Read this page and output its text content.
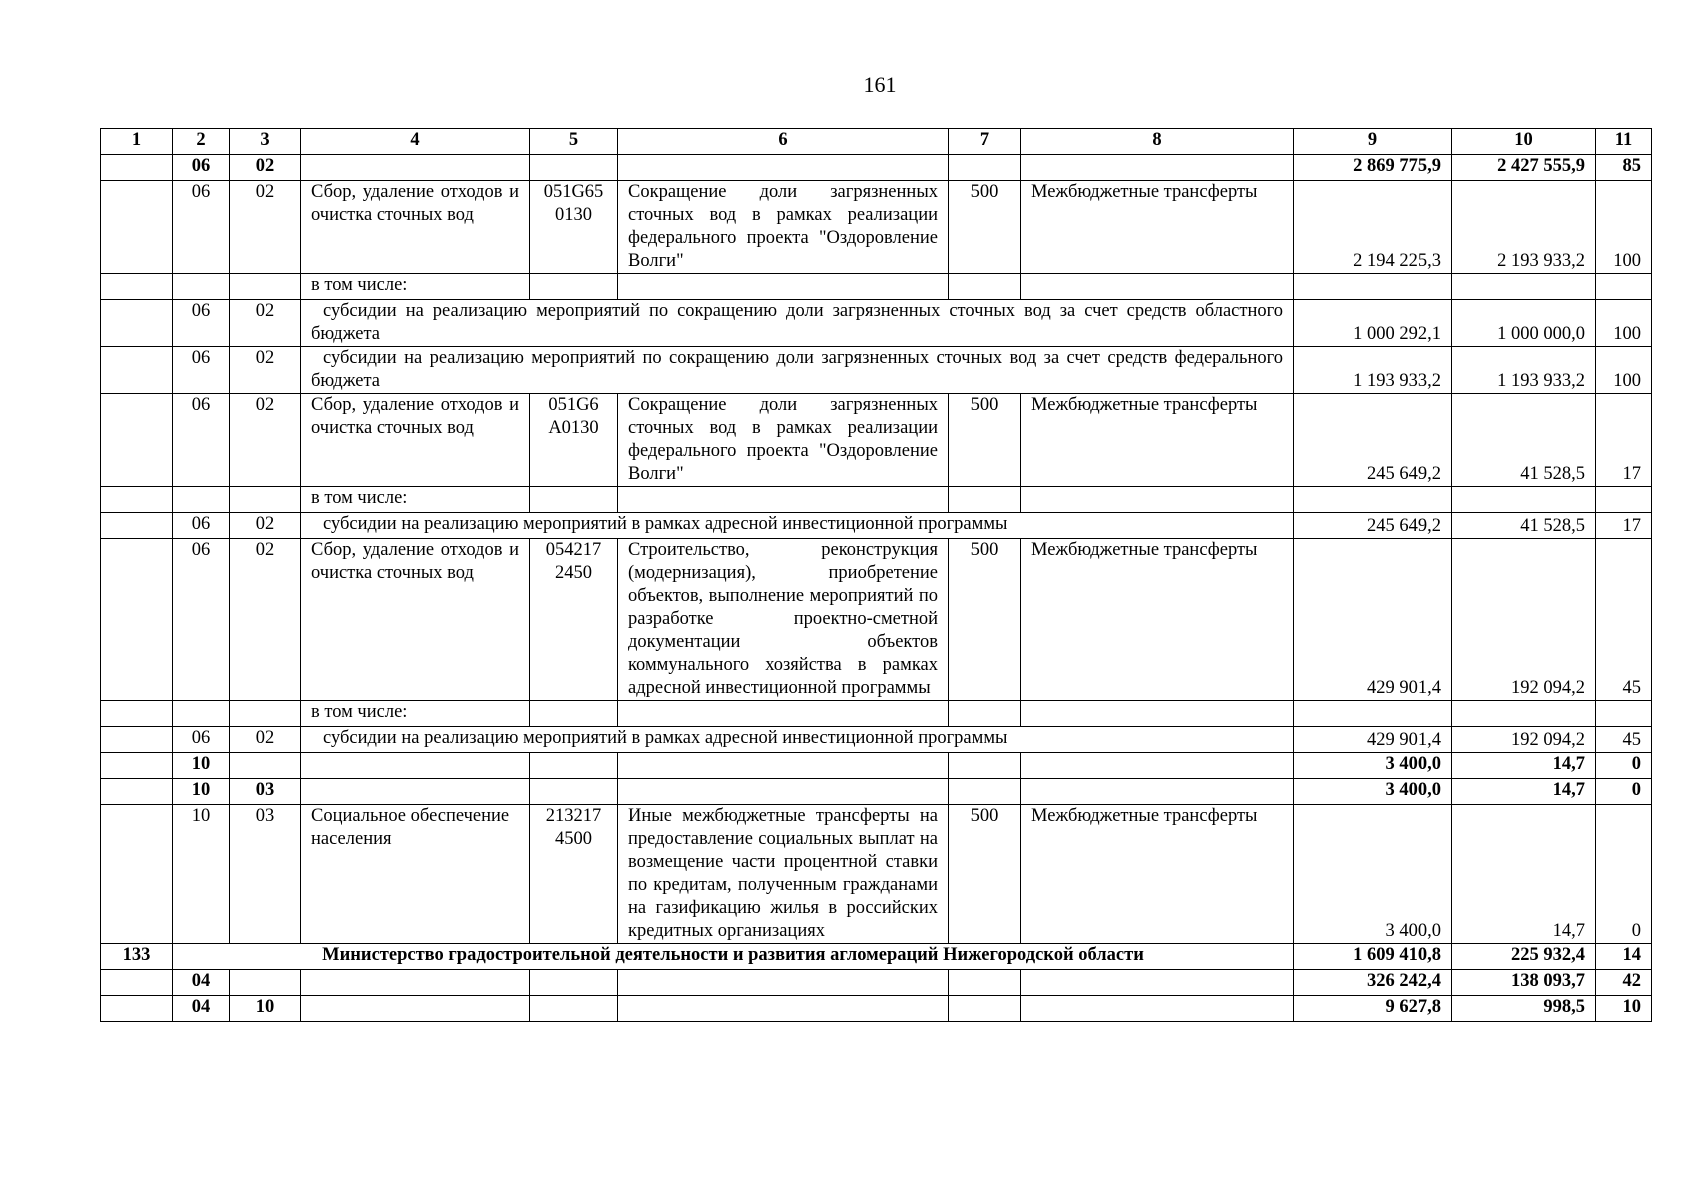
161
1	2	3	4	5	6	7	8	9	10	11
	06	02						2 869 775,9	2 427 555,9	85
	06	02	Сбор, удаление отходов и очистка сточных вод	051G65 0130	Сокращение доли загрязненных сточных вод в рамках реализации федерального проекта "Оздоровление Волги"	500	Межбюджетные трансферты	2 194 225,3	2 193 933,2	100
			в том числе:							
	06	02	субсидии на реализацию мероприятий по сокращению доли загрязненных сточных вод за счет средств областного бюджета					1 000 292,1	1 000 000,0	100
	06	02	субсидии на реализацию мероприятий по сокращению доли загрязненных сточных вод за счет средств федерального бюджета					1 193 933,2	1 193 933,2	100
	06	02	Сбор, удаление отходов и очистка сточных вод	051G6 А0130	Сокращение доли загрязненных сточных вод в рамках реализации федерального проекта "Оздоровление Волги"	500	Межбюджетные трансферты	245 649,2	41 528,5	17
			в том числе:							
	06	02	субсидии на реализацию мероприятий в рамках адресной инвестиционной программы					245 649,2	41 528,5	17
	06	02	Сбор, удаление отходов и очистка сточных вод	054217 2450	Строительство, реконструкция (модернизация), приобретение объектов, выполнение мероприятий по разработке проектно-сметной документации объектов коммунального хозяйства в рамках адресной инвестиционной программы	500	Межбюджетные трансферты	429 901,4	192 094,2	45
			в том числе:							
	06	02	субсидии на реализацию мероприятий в рамках адресной инвестиционной программы					429 901,4	192 094,2	45
	10							3 400,0	14,7	0
	10	03						3 400,0	14,7	0
	10	03	Социальное обеспечение населения	213217 4500	Иные межбюджетные трансферты на предоставление социальных выплат на возмещение части процентной ставки по кредитам, полученным гражданами на газификацию жилья в российских кредитных организациях	500	Межбюджетные трансферты	3 400,0	14,7	0
133	Министерство градостроительной деятельности и развития агломераций Нижегородской области							1 609 410,8	225 932,4	14
	04							326 242,4	138 093,7	42
	04	10						9 627,8	998,5	10
